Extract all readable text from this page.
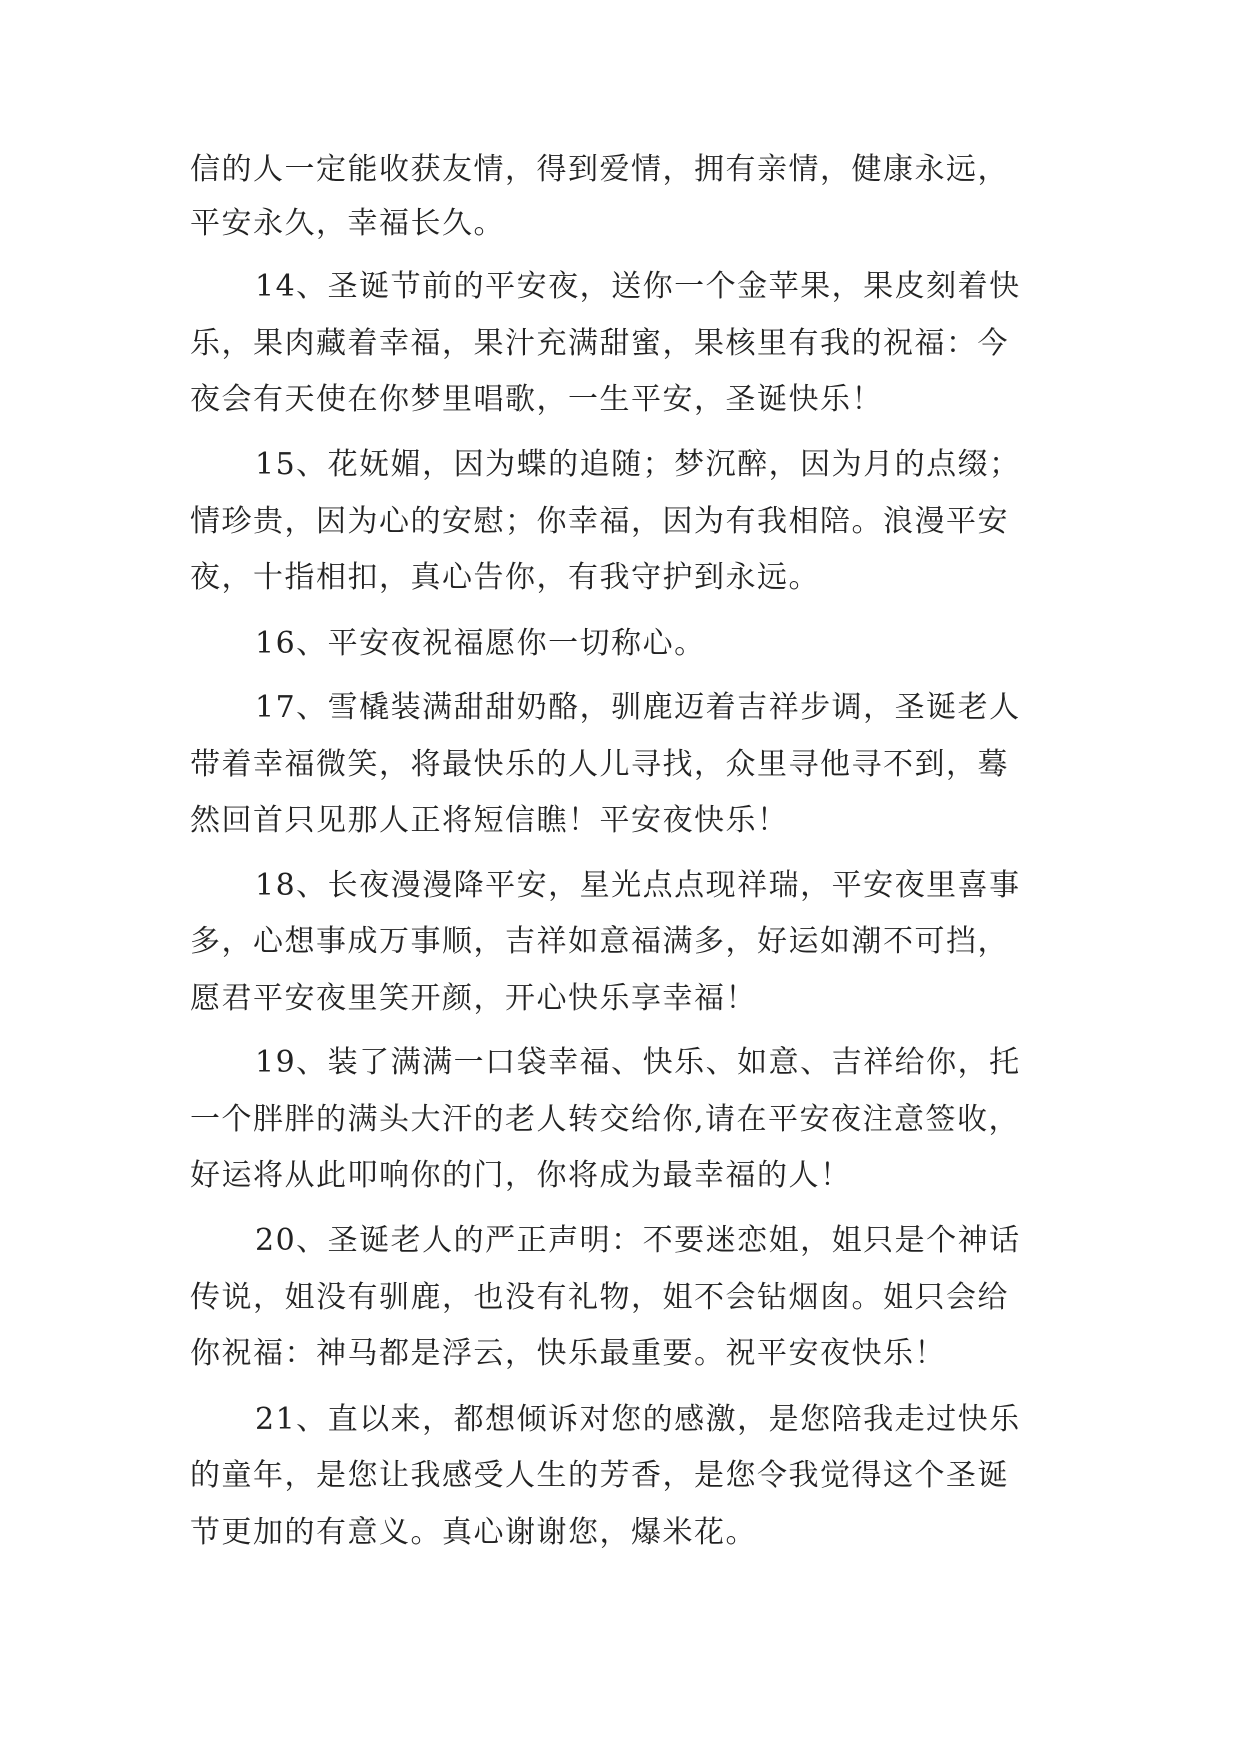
信的人一定能收获友情，得到爱情，拥有亲情，健康永远，
平安永久，幸福长久。
14、圣诞节前的平安夜，送你一个金苹果，果皮刻着快
乐，果肉藏着幸福，果汁充满甜蜜，果核里有我的祝福：今
夜会有天使在你梦里唱歌，一生平安，圣诞快乐！
15、花妩媚，因为蝶的追随；梦沉醉，因为月的点缀；
情珍贵，因为心的安慰；你幸福，因为有我相陪。浪漫平安
夜，十指相扣，真心告你，有我守护到永远。
16、平安夜祝福愿你一切称心。
17、雪橇装满甜甜奶酪，驯鹿迈着吉祥步调，圣诞老人
带着幸福微笑，将最快乐的人儿寻找，众里寻他寻不到，蓦
然回首只见那人正将短信瞧！平安夜快乐！
18、长夜漫漫降平安，星光点点现祥瑞，平安夜里喜事
多，心想事成万事顺，吉祥如意福满多，好运如潮不可挡，
愿君平安夜里笑开颜，开心快乐享幸福！
19、装了满满一口袋幸福、快乐、如意、吉祥给你，托
一个胖胖的满头大汗的老人转交给你,请在平安夜注意签收，
好运将从此叩响你的门，你将成为最幸福的人！
20、圣诞老人的严正声明：不要迷恋姐，姐只是个神话
传说，姐没有驯鹿，也没有礼物，姐不会钻烟囱。姐只会给
你祝福：神马都是浮云，快乐最重要。祝平安夜快乐！
21、直以来，都想倾诉对您的感激，是您陪我走过快乐
的童年，是您让我感受人生的芳香，是您令我觉得这个圣诞
节更加的有意义。真心谢谢您，爆米花。
